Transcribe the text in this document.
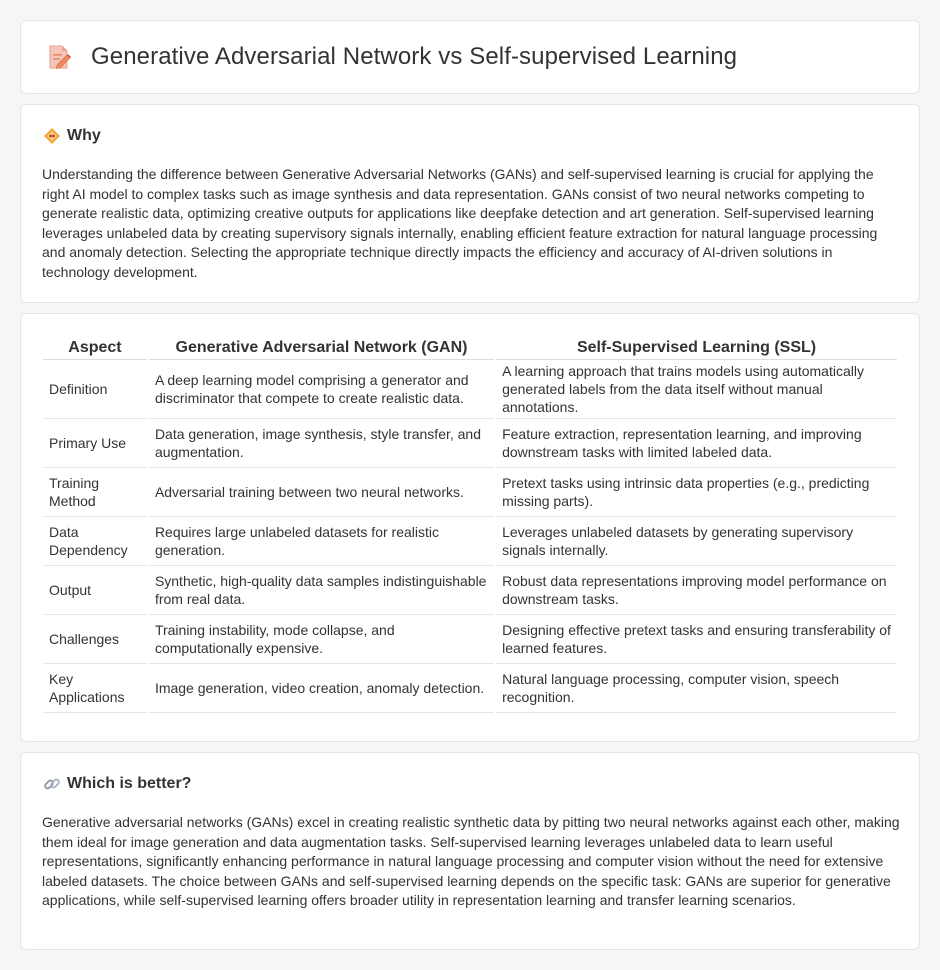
Generative Adversarial Network vs Self-supervised Learning
Why

Understanding the difference between Generative Adversarial Networks (GANs) and self-supervised learning is crucial for applying the right AI model to complex tasks such as image synthesis and data representation. GANs consist of two neural networks competing to generate realistic data, optimizing creative outputs for applications like deepfake detection and art generation. Self-supervised learning leverages unlabeled data by creating supervisory signals internally, enabling efficient feature extraction for natural language processing and anomaly detection. Selecting the appropriate technique directly impacts the efficiency and accuracy of AI-driven solutions in technology development.

Aspect	Generative Adversarial Network (GAN)	Self-Supervised Learning (SSL)
Definition	A deep learning model comprising a generator and discriminator that compete to create realistic data.	A learning approach that trains models using automatically generated labels from the data itself without manual annotations.
Primary Use	Data generation, image synthesis, style transfer, and augmentation.	Feature extraction, representation learning, and improving downstream tasks with limited labeled data.
Training Method	Adversarial training between two neural networks.	Pretext tasks using intrinsic data properties (e.g., predicting missing parts).
Data Dependency	Requires large unlabeled datasets for realistic generation.	Leverages unlabeled datasets by generating supervisory signals internally.
Output	Synthetic, high-quality data samples indistinguishable from real data.	Robust data representations improving model performance on downstream tasks.
Challenges	Training instability, mode collapse, and computationally expensive.	Designing effective pretext tasks and ensuring transferability of learned features.
Key Applications	Image generation, video creation, anomaly detection.	Natural language processing, computer vision, speech recognition.
Which is better?

Generative adversarial networks (GANs) excel in creating realistic synthetic data by pitting two neural networks against each other, making them ideal for image generation and data augmentation tasks. Self-supervised learning leverages unlabeled data to learn useful representations, significantly enhancing performance in natural language processing and computer vision without the need for extensive labeled datasets. The choice between GANs and self-supervised learning depends on the specific task: GANs are superior for generative applications, while self-supervised learning offers broader utility in representation learning and transfer learning scenarios.
